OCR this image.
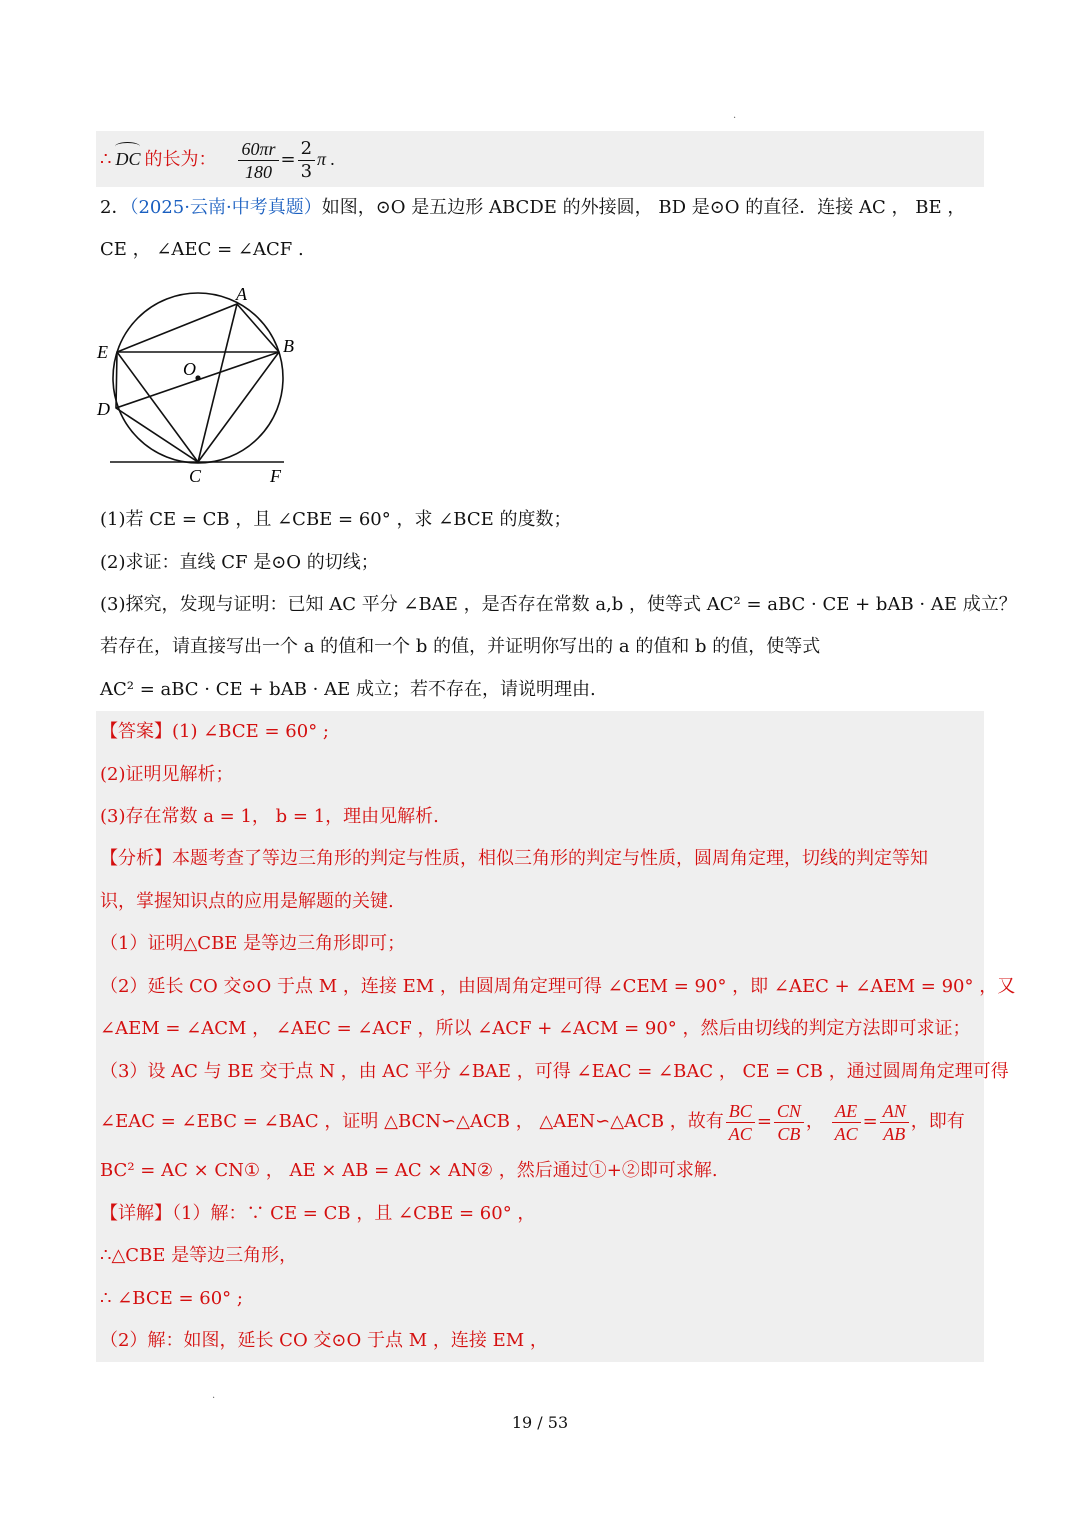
.
∴ DC 的长为： $\frac{60\pi r}{180} = \frac{2}{3}$ π .
2．（2025·云南·中考真题）如图，⊙O 是五边形 ABCDE 的外接圆， BD 是⊙O 的直径．连接 AC ， BE ，
CE ， ∠AEC = ∠ACF .
A
B
E
O
D
C	F
(1)若 CE = CB ，且 ∠CBE = 60° ，求 ∠BCE 的度数；
(2)求证：直线 CF 是⊙O 的切线；
(3)探究，发现与证明：已知 AC 平分 ∠BAE ，是否存在常数 a,b ，使等式 AC² = aBC · CE + bAB · AE 成立？
若存在，请直接写出一个 a 的值和一个 b 的值，并证明你写出的 a 的值和 b 的值，使等式
AC² = aBC · CE + bAB · AE 成立；若不存在，请说明理由.
【答案】(1) ∠BCE = 60° ;
(2)证明见解析；
(3)存在常数 a = 1， b = 1，理由见解析.
【分析】本题考查了等边三角形的判定与性质，相似三角形的判定与性质，圆周角定理，切线的判定等知
识，掌握知识点的应用是解题的关键.
（1）证明△CBE 是等边三角形即可；
（2）延长 CO 交⊙O 于点 M ，连接 EM ，由圆周角定理可得 ∠CEM = 90° ，即 ∠AEC + ∠AEM = 90° ，又
∠AEM = ∠ACM ， ∠AEC = ∠ACF ，所以 ∠ACF + ∠ACM = 90° ，然后由切线的判定方法即可求证；
（3）设 AC 与 BE 交于点 N ，由 AC 平分 ∠BAE ，可得 ∠EAC = ∠BAC ， CE = CB ，通过圆周角定理可得
∠EAC = ∠EBC = ∠BAC ，证明 △BCN∽△ACB ， △AEN∽△ACB ，故有 $\frac{BC}{AC} = \frac{CN}{CB}$ ， $\frac{AE}{AC} = \frac{AN}{AB}$ ，即有
BC² = AC × CN① ， AE × AB = AC × AN② ，然后通过①+②即可求解.
【详解】（1）解：∵ CE = CB ，且 ∠CBE = 60° ，
∴△CBE 是等边三角形，
∴ ∠BCE = 60° ;
（2）解：如图，延长 CO 交⊙O 于点 M ，连接 EM ，
.
19 / 53
